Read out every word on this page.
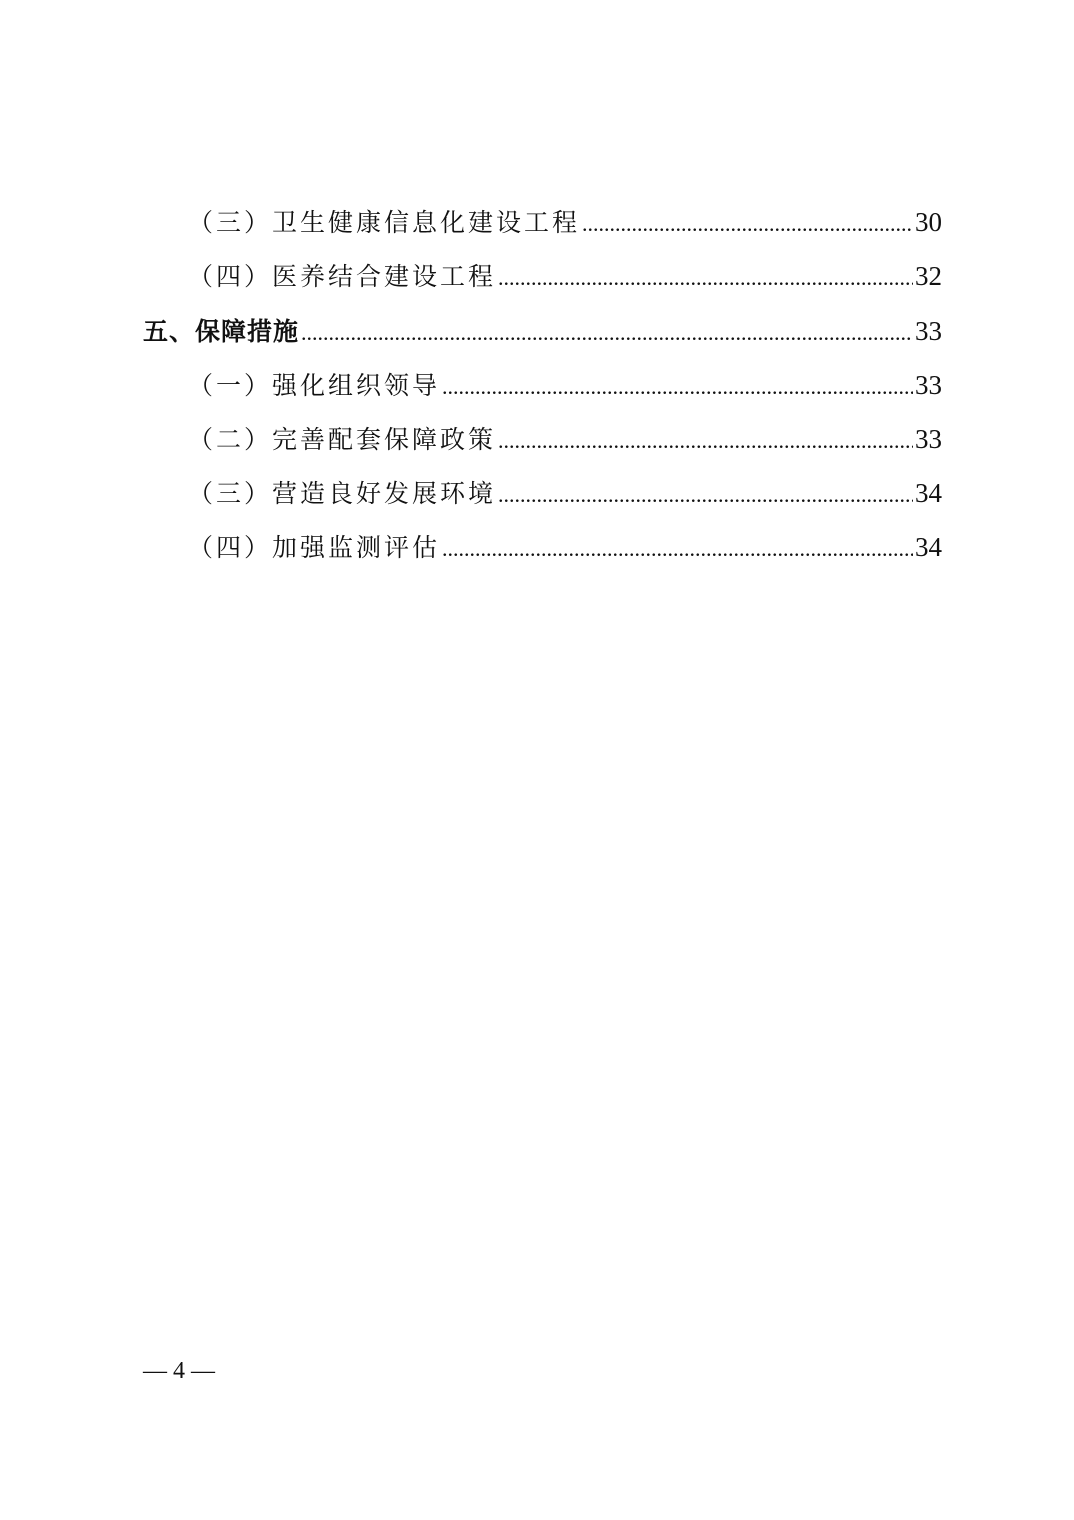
（三）卫生健康信息化建设工程 .....	30
（四）医养结合建设工程 .....	32
五、保障措施 .....	33
（一）强化组织领导 .....	33
（二）完善配套保障政策 .....	33
（三）营造良好发展环境 .....	34
（四）加强监测评估 .....	34
— 4 —
